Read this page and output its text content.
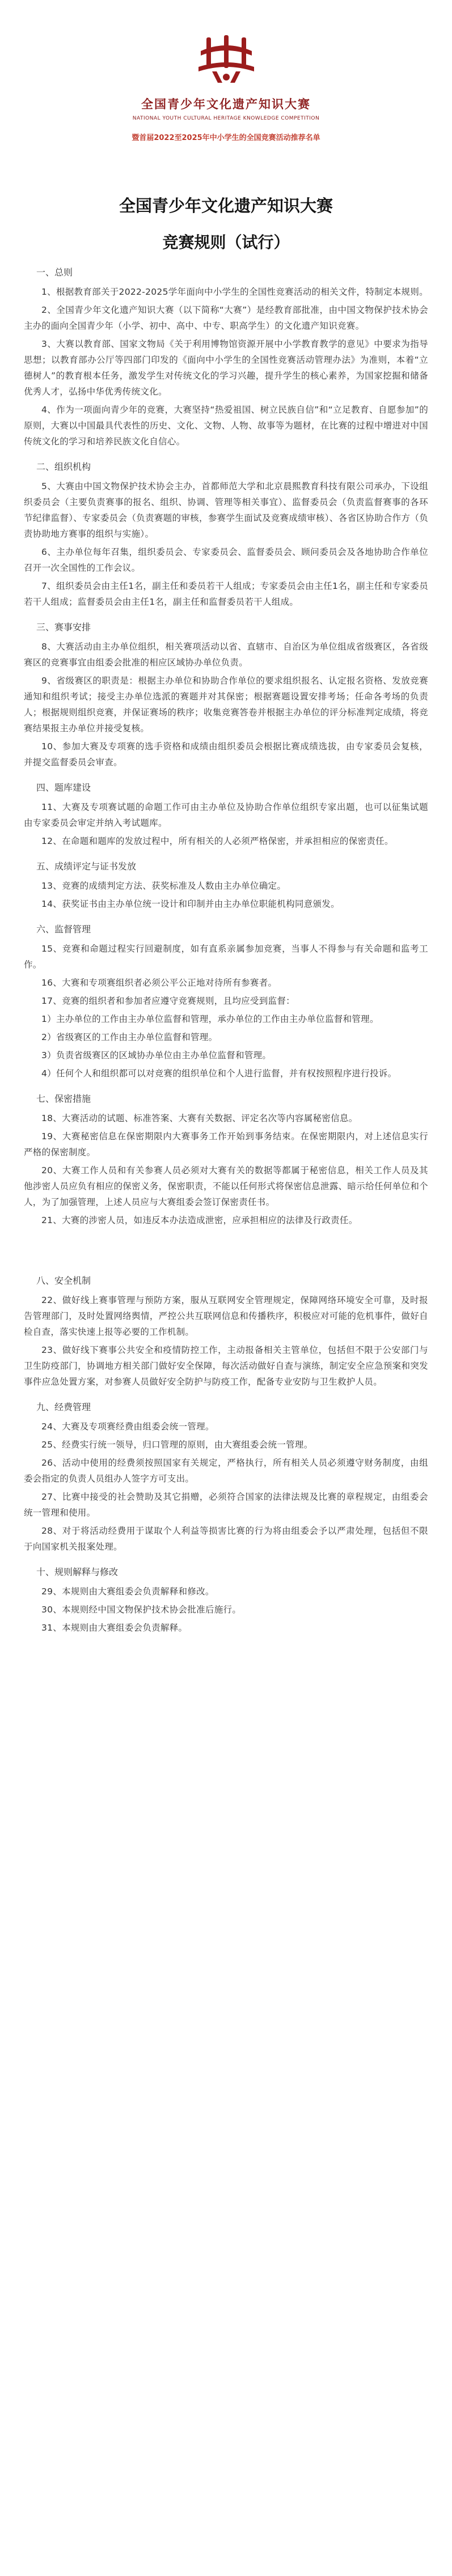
全国青少年文化遗产知识大赛
NATIONAL YOUTH CULTURAL HERITAGE KNOWLEDGE COMPETITION
暨首届2022至2025年中小学生的全国竞赛活动推荐名单
全国青少年文化遗产知识大赛
竞赛规则（试行）
一、总则

1、根据教育部关于2022-2025学年面向中小学生的全国性竞赛活动的相关文件，特制定本规则。

2、全国青少年文化遗产知识大赛（以下简称“大赛”）是经教育部批准，由中国文物保护技术协会主办的面向全国青少年（小学、初中、高中、中专、职高学生）的文化遗产知识竞赛。

3、大赛以教育部、国家文物局《关于利用博物馆资源开展中小学教育教学的意见》中要求为指导思想；以教育部办公厅等四部门印发的《面向中小学生的全国性竞赛活动管理办法》为准则，本着“立德树人”的教育根本任务，激发学生对传统文化的学习兴趣，提升学生的核心素养，为国家挖掘和储备优秀人才，弘扬中华优秀传统文化。

4、作为一项面向青少年的竞赛，大赛坚持“热爱祖国、树立民族自信”和“立足教育、自愿参加”的原则，大赛以中国最具代表性的历史、文化、文物、人物、故事等为题材，在比赛的过程中增进对中国传统文化的学习和培养民族文化自信心。

二、组织机构

5、大赛由中国文物保护技术协会主办，首都师范大学和北京晨熙教育科技有限公司承办，下设组织委员会（主要负责赛事的报名、组织、协调、管理等相关事宜）、监督委员会（负责监督赛事的各环节纪律监督）、专家委员会（负责赛题的审核，参赛学生面试及竞赛成绩审核）、各省区协助合作方（负责协助地方赛事的组织与实施）。

6、主办单位每年召集，组织委员会、专家委员会、监督委员会、顾问委员会及各地协助合作单位召开一次全国性的工作会议。

7、组织委员会由主任1名，副主任和委员若干人组成；专家委员会由主任1名，副主任和专家委员若干人组成；监督委员会由主任1名，副主任和监督委员若干人组成。

三、赛事安排

8、大赛活动由主办单位组织，相关赛项活动以省、直辖市、自治区为单位组成省级赛区，各省级赛区的竞赛事宜由组委会批准的相应区域协办单位负责。

9、省级赛区的职责是：根据主办单位和协助合作单位的要求组织报名、认定报名资格、发放竞赛通知和组织考试；接受主办单位选派的赛题并对其保密；根据赛题设置安排考场；任命各考场的负责人；根据规则组织竞赛，并保证赛场的秩序；收集竞赛答卷并根据主办单位的评分标准判定成绩，将竞赛结果报主办单位并接受复核。

10、参加大赛及专项赛的选手资格和成绩由组织委员会根据比赛成绩选拔，由专家委员会复核，并提交监督委员会审查。

四、题库建设

11、大赛及专项赛试题的命题工作可由主办单位及协助合作单位组织专家出题，也可以征集试题由专家委员会审定并纳入考试题库。

12、在命题和题库的发放过程中，所有相关的人必须严格保密，并承担相应的保密责任。

五、成绩评定与证书发放

13、竞赛的成绩判定方法、获奖标准及人数由主办单位确定。

14、获奖证书由主办单位统一设计和印制并由主办单位职能机构同意颁发。

六、监督管理

15、竞赛和命题过程实行回避制度，如有直系亲属参加竞赛，当事人不得参与有关命题和监考工作。

16、大赛和专项赛组织者必须公平公正地对待所有参赛者。

17、竞赛的组织者和参加者应遵守竞赛规则，且均应受到监督：

1）主办单位的工作由主办单位监督和管理，承办单位的工作由主办单位监督和管理。

2）省级赛区的工作由主办单位监督和管理。

3）负责省级赛区的区域协办单位由主办单位监督和管理。

4）任何个人和组织都可以对竞赛的组织单位和个人进行监督，并有权按照程序进行投诉。

七、保密措施

18、大赛活动的试题、标准答案、大赛有关数据、评定名次等内容属秘密信息。

19、大赛秘密信息在保密期限内大赛事务工作开始到事务结束。在保密期限内，对上述信息实行严格的保密制度。

20、大赛工作人员和有关参赛人员必须对大赛有关的数据等都属于秘密信息，相关工作人员及其他涉密人员应负有相应的保密义务，保密职责，不能以任何形式将保密信息泄露、暗示给任何单位和个人，为了加强管理，上述人员应与大赛组委会签订保密责任书。

21、大赛的涉密人员，如违反本办法造成泄密，应承担相应的法律及行政责任。

八、安全机制

22、做好线上赛事管理与预防方案，服从互联网安全管理规定，保障网络环境安全可靠，及时报告管理部门，及时处置网络舆情，严控公共互联网信息和传播秩序，积极应对可能的危机事件，做好自检自查，落实快速上报等必要的工作机制。

23、做好线下赛事公共安全和疫情防控工作，主动报备相关主管单位，包括但不限于公安部门与卫生防疫部门，协调地方相关部门做好安全保障，每次活动做好自查与演练，制定安全应急预案和突发事件应急处置方案，对参赛人员做好安全防护与防疫工作，配备专业安防与卫生救护人员。

九、经费管理

24、大赛及专项赛经费由组委会统一管理。

25、经费实行统一领导，归口管理的原则，由大赛组委会统一管理。

26、活动中使用的经费须按照国家有关规定，严格执行，所有相关人员必须遵守财务制度，由组委会指定的负责人员组办人签字方可支出。

27、比赛中接受的社会赞助及其它捐赠，必须符合国家的法律法规及比赛的章程规定，由组委会统一管理和使用。

28、对于将活动经费用于谋取个人利益等损害比赛的行为将由组委会予以严肃处理，包括但不限于向国家机关报案处理。

十、规则解释与修改

29、本规则由大赛组委会负责解释和修改。

30、本规则经中国文物保护技术协会批准后施行。

31、本规则由大赛组委会负责解释。
